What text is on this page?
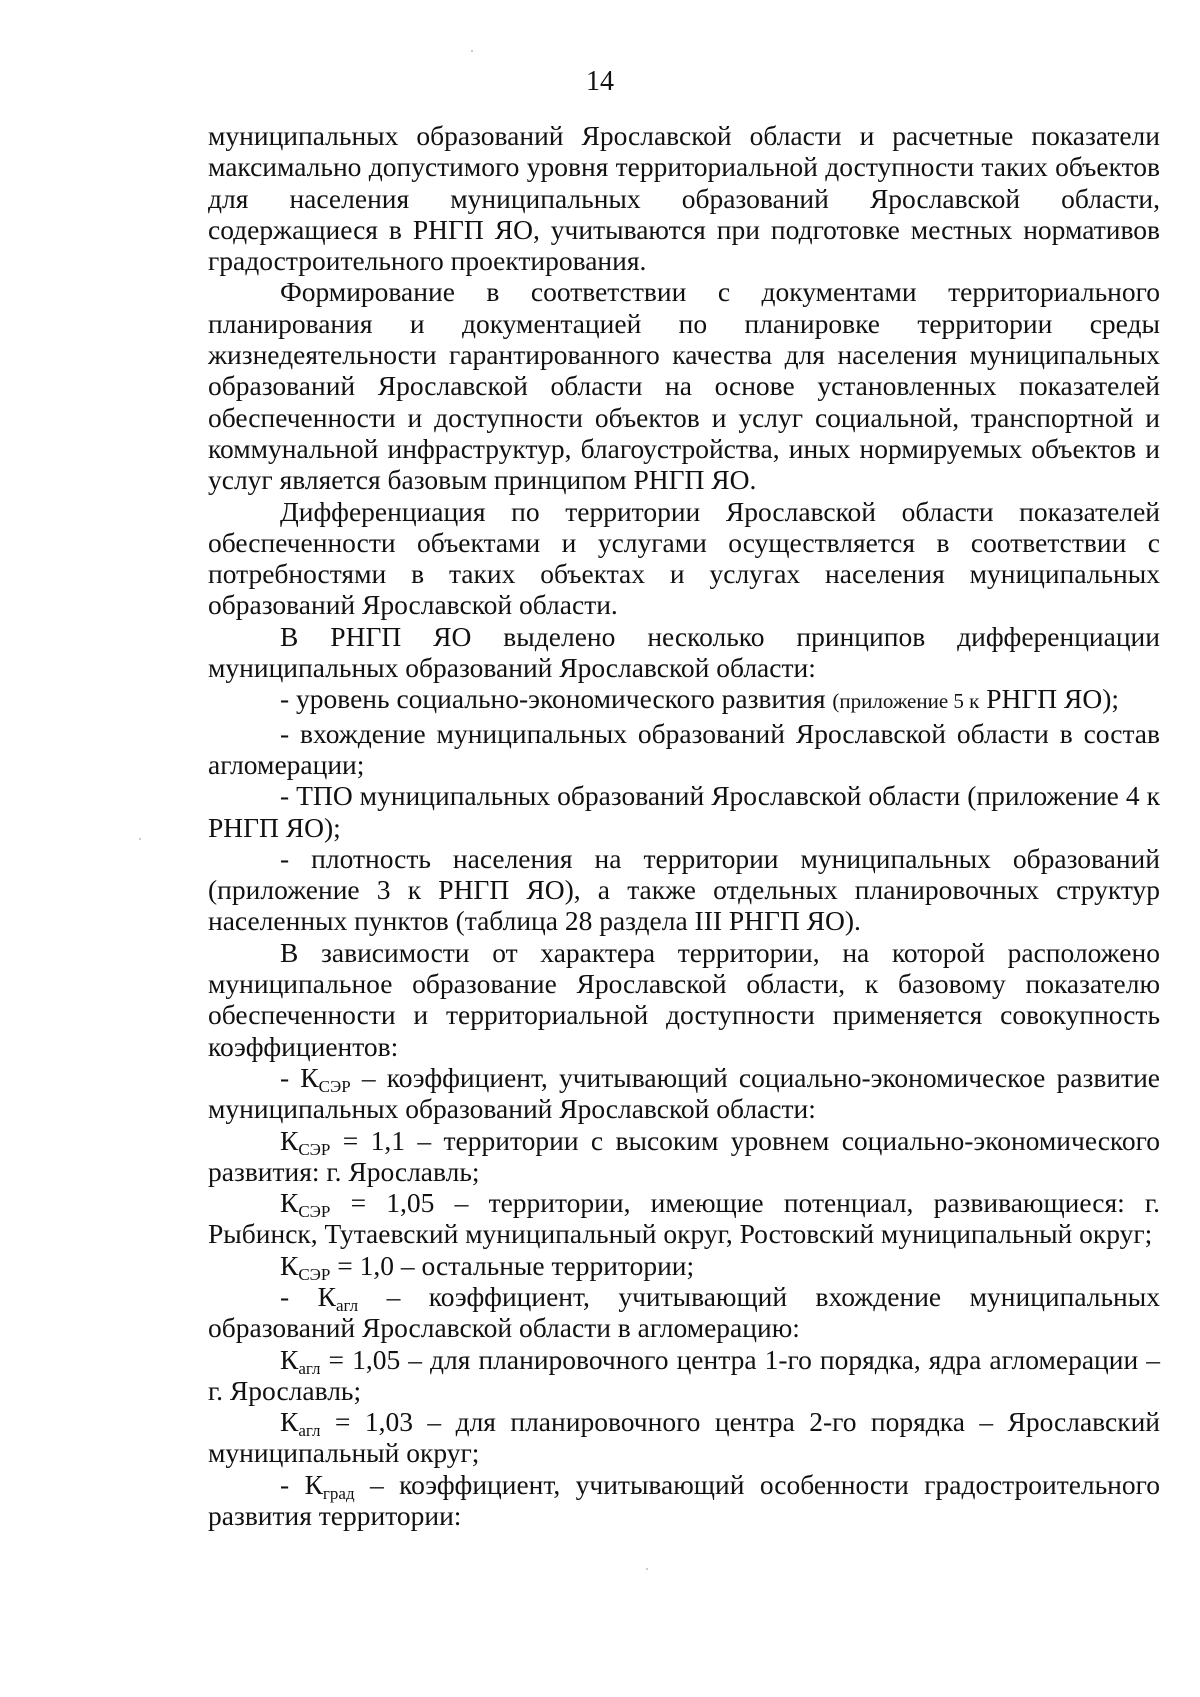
14

муниципальных образований Ярославской области и расчетные показатели максимально допустимого уровня территориальной доступности таких объектов для населения муниципальных образований Ярославской области, содержащиеся в РНГП ЯО, учитываются при подготовке местных нормативов градостроительного проектирования.

Формирование в соответствии с документами территориального планирования и документацией по планировке территории среды жизнедеятельности гарантированного качества для населения муниципальных образований Ярославской области на основе установленных показателей обеспеченности и доступности объектов и услуг социальной, транспортной и коммунальной инфраструктур, благоустройства, иных нормируемых объектов и услуг является базовым принципом РНГП ЯО.

Дифференциация по территории Ярославской области показателей обеспеченности объектами и услугами осуществляется в соответствии с потребностями в таких объектах и услугах населения муниципальных образований Ярославской области.

В РНГП ЯО выделено несколько принципов дифференциации муниципальных образований Ярославской области:

- уровень социально-экономического развития (приложение 5 к РНГП ЯО);

- вхождение муниципальных образований Ярославской области в состав агломерации;

- ТПО муниципальных образований Ярославской области (приложение 4 к РНГП ЯО);

- плотность населения на территории муниципальных образований (приложение 3 к РНГП ЯО), а также отдельных планировочных структур населенных пунктов (таблица 28 раздела III РНГП ЯО).

В зависимости от характера территории, на которой расположено муниципальное образование Ярославской области, к базовому показателю обеспеченности и территориальной доступности применяется совокупность коэффициентов:

- $К_{СЭР}$ – коэффициент, учитывающий социально-экономическое развитие муниципальных образований Ярославской области:

$К_{СЭР} = 1,1$ – территории с высоким уровнем социально-экономического развития: г. Ярославль;

$К_{СЭР} = 1,05$ – территории, имеющие потенциал, развивающиеся: г. Рыбинск, Тутаевский муниципальный округ, Ростовский муниципальный округ;

$К_{СЭР} = 1,0$ – остальные территории;

- $К_{агл}$ – коэффициент, учитывающий вхождение муниципальных образований Ярославской области в агломерацию:

$К_{агл} = 1,05$ – для планировочного центра 1-го порядка, ядра агломерации – г. Ярославль;

$К_{агл} = 1,03$ – для планировочного центра 2-го порядка – Ярославский муниципальный округ;

- $К_{град}$ – коэффициент, учитывающий особенности градостроительного развития территории:
